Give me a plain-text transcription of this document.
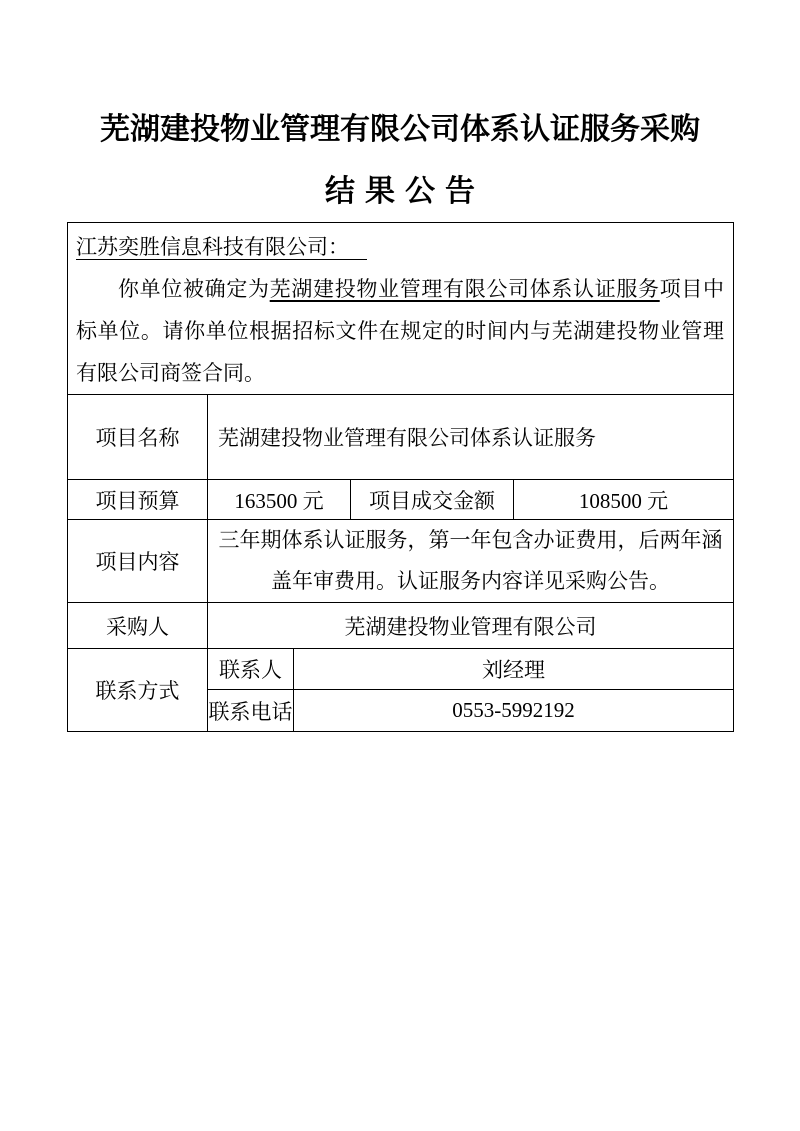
芜湖建投物业管理有限公司体系认证服务采购
结果公告
江苏奕胜信息科技有限公司：
你单位被确定为芜湖建投物业管理有限公司体系认证服务项目中标单位。请你单位根据招标文件在规定的时间内与芜湖建投物业管理有限公司商签合同。				

项目名称	芜湖建投物业管理有限公司体系认证服务			
项目预算	163500 元		项目成交金额	108500 元
项目内容	三年期体系认证服务，第一年包含办证费用，后两年涵盖年审费用。认证服务内容详见采购公告。			
采购人	芜湖建投物业管理有限公司			
联系方式	联系人	刘经理		
	联系电话	0553-5992192		
